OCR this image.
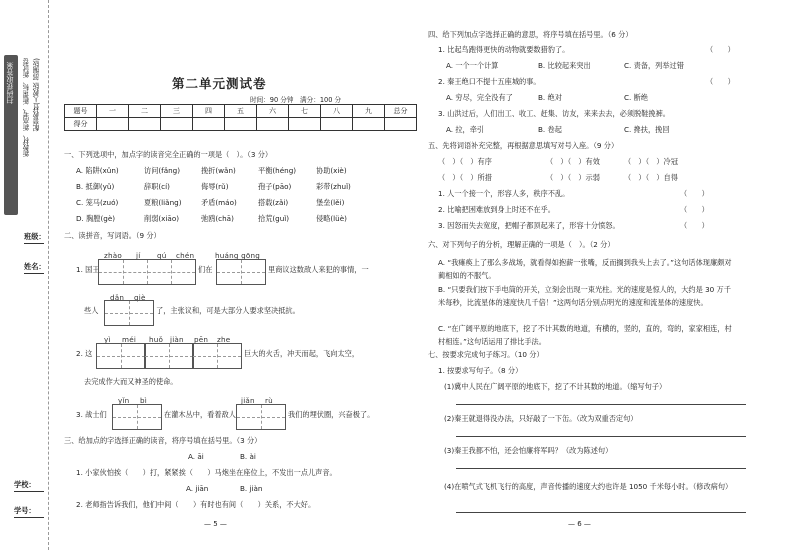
扫码获取答案 新教材、新高考、新课标、新试卷 配套教材(人教版 部编版)
班级：
姓名：
学校：
学号：
第二单元测试卷
时间：90 分钟　满分：100 分
题号	一	二	三	四	五	六	七	八	九	总分
得分										
一、下列选项中，加点字的读音完全正确的一项是（　）。（3 分）
A. 陷阱(xǔn)	访问(fǎng)	挽折(wǎn)	平衡(héng)	协助(xiè)
B. 抵御(yǔ)	辞职(cí)	侮辱(rǔ)	孢子(pāo)	彩带(zhuǐ)
C. 笼马(zuó)	夏粮(liǎng)	矛盾(máo)	搭载(zǎi)	堡垒(lěi)
D. 胸膛(gè)	削弱(xiāo)	弛鸥(chā)	拾荒(guǐ)	侵略(lüè)
二、读拼音，写词语。（9 分）
zhào jí qú chén	huáng gōng
1. 国王	们在	里商议这数敌人来犯的事情，一
dǎn qiè
些人	了，主张议和，可是大部分人要求坚决抵抗。
yì méi huǒ jiàn pēn zhe
2. 这	巨大的火舌，冲天而起，飞向太空，
去完成作大而又神圣的使命。
yǐn bì	jiǎn rù
3. 战士们	在灌木丛中，看着敌人	我们的埋伏圈，兴奋极了。
三、给加点的字选择正确的读音，将序号填在括号里。（3 分）
A. āi	B. ài
1. 小家伙怕挨（　　）打，紧紧挨（　　）马炮坐在座位上，不发出一点儿声音。
A. jiān	B. jiàn
2. 老师指告诉我们，他们中间（　　）有时也有间（　　）关系，不大好。
— 5 —
四、给下列加点字选择正确的意思，将序号填在括号里。（6 分）
1. 比起鸟跑得更快的动物就要数猎豹了。	（　　）
A. 一个一个计算	B. 比较起来突出	C. 责备，列举过错
2. 秦王绝口不提十五座城的事。	（　　）
A. 穷尽，完全没有了	B. 绝对	C. 断绝
3. 山洪过后，人们出工、收工、赶集、访友，来来去去，必须脱鞋挽裤。
A. 拉，牵引	B. 卷起	C. 搀扶，挽回
五、先将词语补充完整，再根据意思填写对号入座。（9 分）
（　）（　）有序	（　）（　）有效	（　）（　）冷冠
（　）（　）所措	（　）（　）示弱	（　）（　）自得
1. 人一个接一个，形容人多，秩序不乱。	（　　）
2. 比喻把困难放到身上时还不在乎。	（　　）
3. 因怒而失去宽度，把帽子都顶起来了，形容十分愤怒。	（　　）
六、对下列句子的分析，理解正确的一项是（　）。（2 分）
A. “我瘫痪上了那么多战场，就看得如抱薪一张嘴，反而搁到我头上去了。”这句话体现廉颇对蔺相如的不服气。
B. “只要我们按下手电筒的开关，立刻会出现一束光柱。光的速度是惊人的，大约是 30 万千米每秒，比流星体的速度快几千倍！”这两句话分别点明光的速度和流星体的速度快。
C. “在广阔平原的地底下，挖了不计其数的地道，有横的，竖的，直的，弯的，家家相连，村村相连。”这句话运用了排比手法。
七、按要求完成句子练习。（10 分）
1. 按要求写句子。（8 分）
(1)冀中人民在广阔平原的地底下，挖了不计其数的地道。（缩写句子）
(2)秦王就退得没办法，只好敲了一下缶。（改为双重否定句）
(3)秦王我都不怕，还会怕廉将军吗？（改为陈述句）
(4)在喷气式飞机飞行的高度，声音传播的速度大约也许是 1050 千米每小时。（修改病句）
— 6 —
